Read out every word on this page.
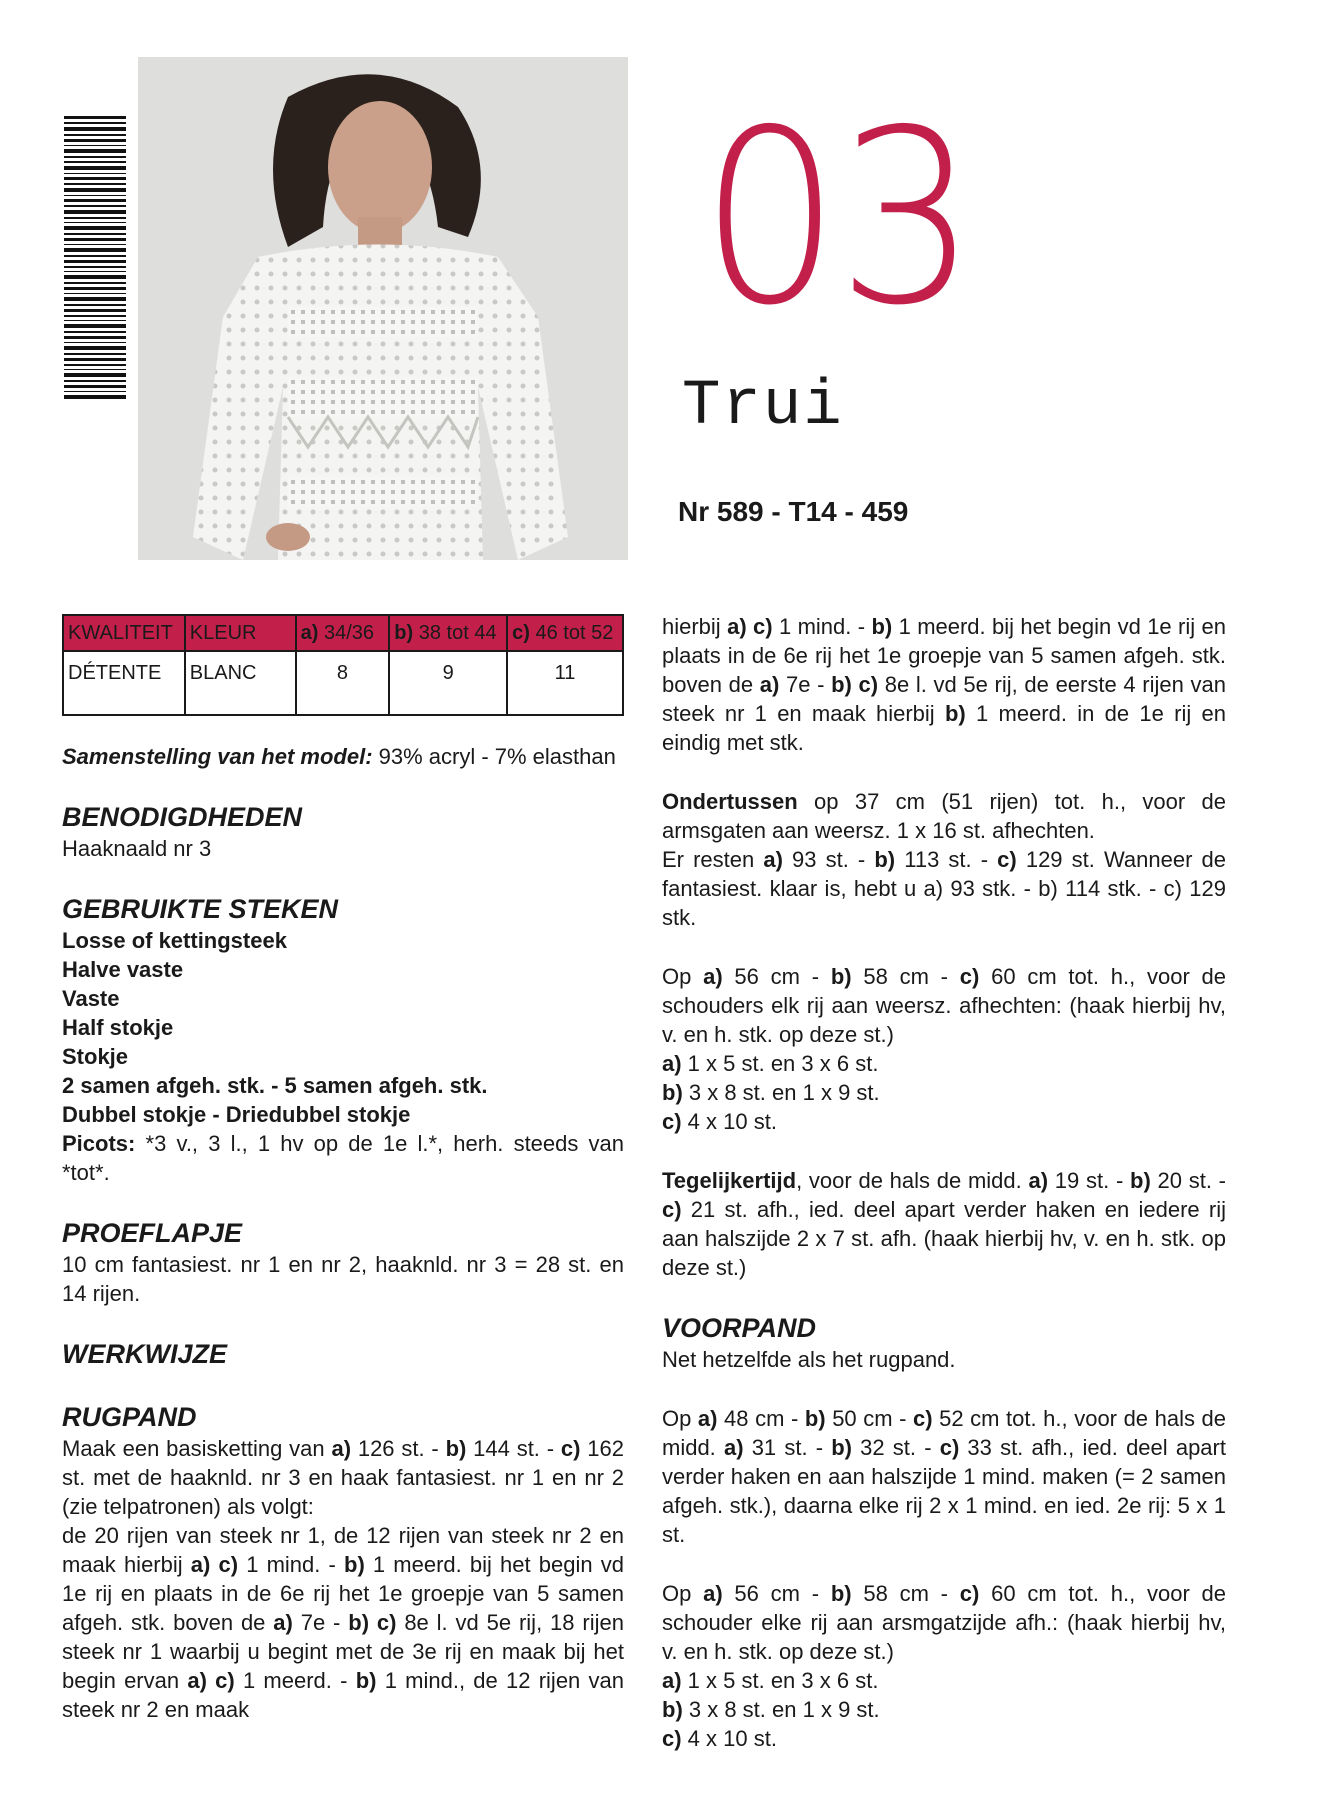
03
Trui
Nr 589 - T14 - 459
KWALITEIT	KLEUR	a) 34/36	b) 38 tot 44	c) 46 tot 52
DÉTENTE	BLANC	8	9	11

Samenstelling van het model: 93% acryl - 7% elasthan

BENODIGDHEDEN

Haaknaald nr 3

GEBRUIKTE STEKEN

Losse of kettingsteek

Halve vaste

Vaste

Half stokje

Stokje

2 samen afgeh. stk. - 5 samen afgeh. stk.

Dubbel stokje - Driedubbel stokje

Picots: *3 v., 3 l., 1 hv op de 1e l.*, herh. steeds van *tot*.

PROEFLAPJE

10 cm fantasiest. nr 1 en nr 2, haaknld. nr 3 = 28 st. en 14 rijen.

WERKWIJZE
RUGPAND

Maak een basisketting van a) 126 st. - b) 144 st. - c) 162 st. met de haaknld. nr 3 en haak fantasiest. nr 1 en nr 2 (zie telpatronen) als volgt:

de 20 rijen van steek nr 1, de 12 rijen van steek nr 2 en maak hierbij a) c) 1 mind. - b) 1 meerd. bij het begin vd 1e rij en plaats in de 6e rij het 1e groepje van 5 samen afgeh. stk. boven de a) 7e - b) c) 8e l. vd 5e rij, 18 rijen steek nr 1 waarbij u begint met de 3e rij en maak bij het begin ervan a) c) 1 meerd. - b) 1 mind., de 12 rijen van steek nr 2 en maak

hierbij a) c) 1 mind. - b) 1 meerd. bij het begin vd 1e rij en plaats in de 6e rij het 1e groepje van 5 samen afgeh. stk. boven de a) 7e - b) c) 8e l. vd 5e rij, de eerste 4 rijen van steek nr 1 en maak hierbij b) 1 meerd. in de 1e rij en eindig met stk.

Ondertussen op 37 cm (51 rijen) tot. h., voor de armsgaten aan weersz. 1 x 16 st. afhechten.

Er resten a) 93 st. - b) 113 st. - c) 129 st. Wanneer de fantasiest. klaar is, hebt u a) 93 stk. - b) 114 stk. - c) 129 stk.

Op a) 56 cm - b) 58 cm - c) 60 cm tot. h., voor de schouders elk rij aan weersz. afhechten: (haak hierbij hv, v. en h. stk. op deze st.)

a) 1 x 5 st. en 3 x 6 st.

b) 3 x 8 st. en 1 x 9 st.

c) 4 x 10 st.

Tegelijkertijd, voor de hals de midd. a) 19 st. - b) 20 st. - c) 21 st. afh., ied. deel apart verder haken en iedere rij aan halszijde 2 x 7 st. afh. (haak hierbij hv, v. en h. stk. op deze st.)

VOORPAND

Net hetzelfde als het rugpand.

Op a) 48 cm - b) 50 cm - c) 52 cm tot. h., voor de hals de midd. a) 31 st. - b) 32 st. - c) 33 st. afh., ied. deel apart verder haken en aan halszijde 1 mind. maken (= 2 samen afgeh. stk.), daarna elke rij 2 x 1 mind. en ied. 2e rij: 5 x 1 st.

Op a) 56 cm - b) 58 cm - c) 60 cm tot. h., voor de schouder elke rij aan arsmgatzijde afh.: (haak hierbij hv, v. en h. stk. op deze st.)

a) 1 x 5 st. en 3 x 6 st.

b) 3 x 8 st. en 1 x 9 st.

c) 4 x 10 st.
